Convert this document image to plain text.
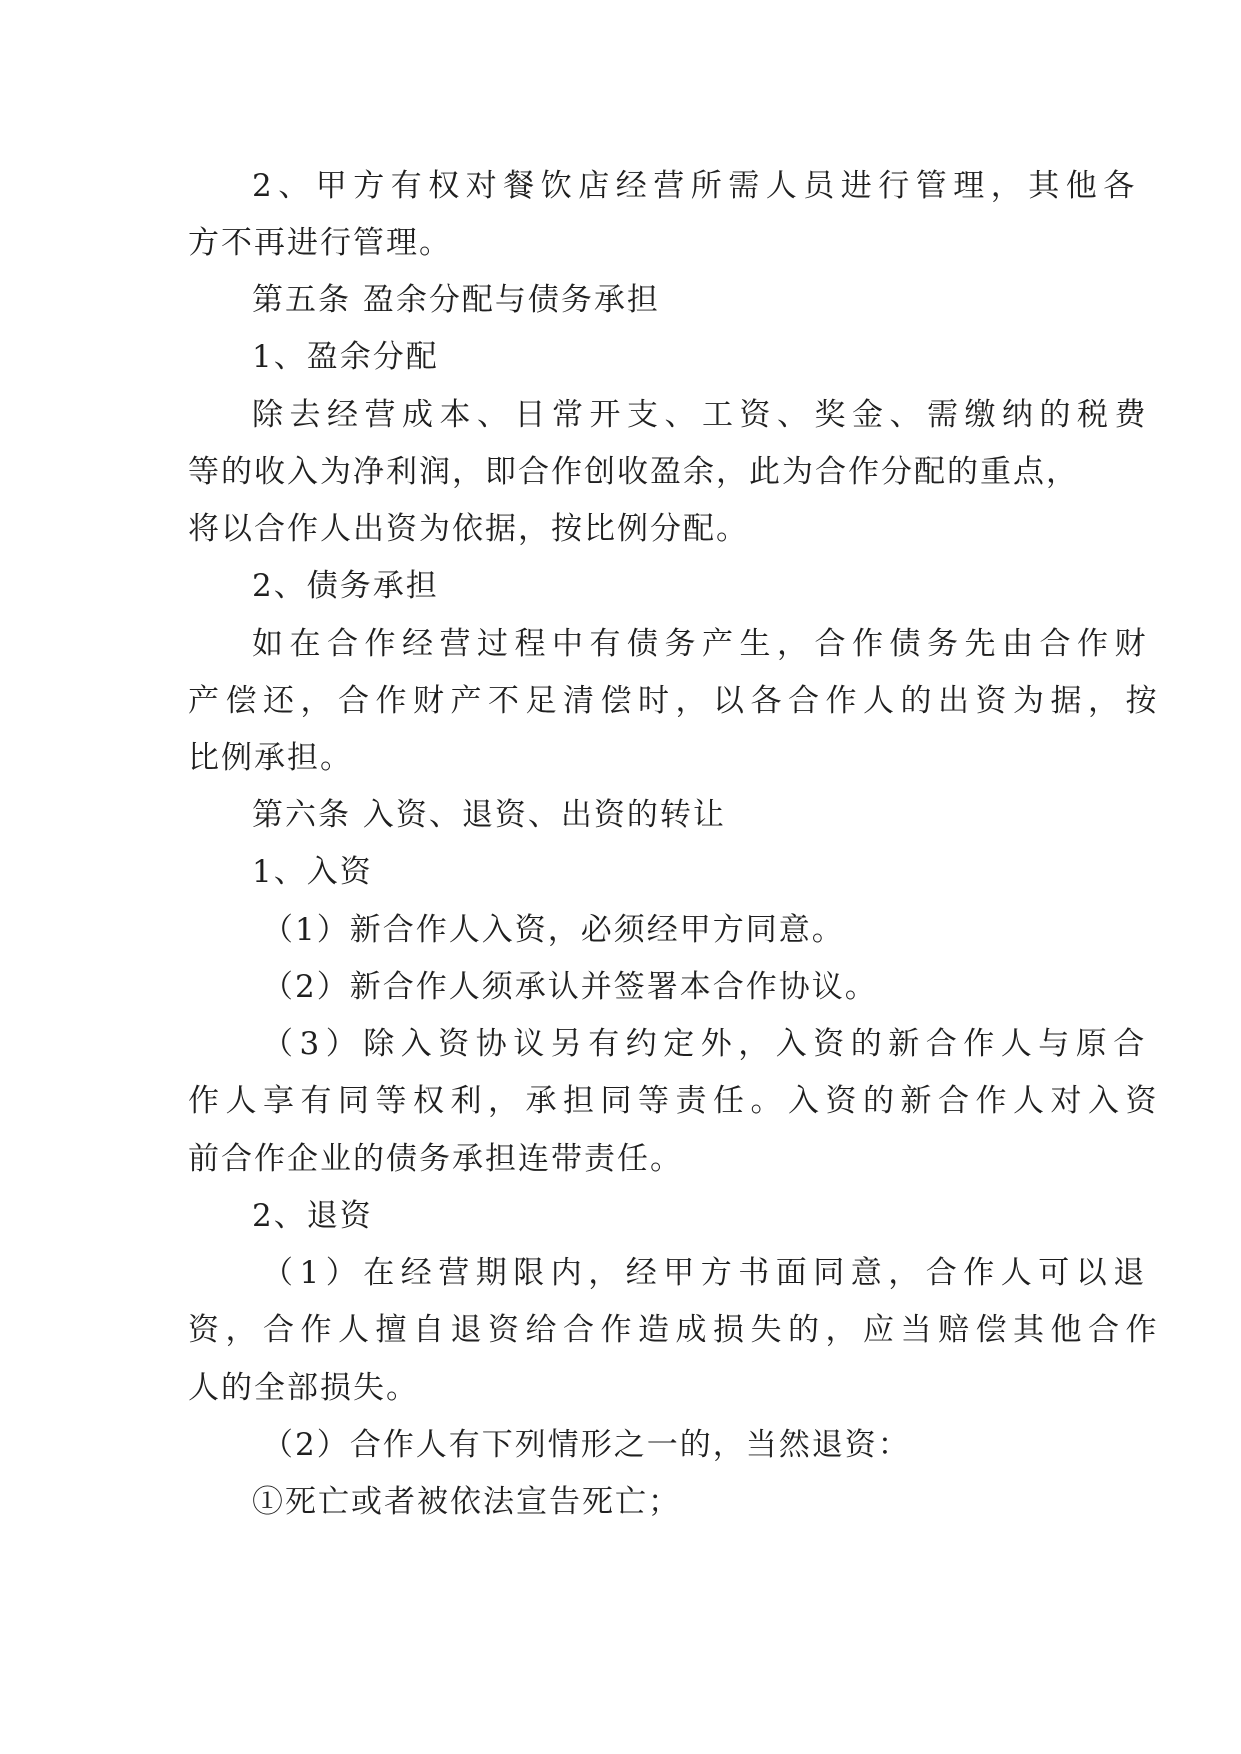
2、甲方有权对餐饮店经营所需人员进行管理，其他各
方不再进行管理。
第五条 盈余分配与债务承担
1、盈余分配
除去经营成本、日常开支、工资、奖金、需缴纳的税费
等的收入为净利润，即合作创收盈余，此为合作分配的重点，
将以合作人出资为依据，按比例分配。
2、债务承担
如在合作经营过程中有债务产生，合作债务先由合作财
产偿还，合作财产不足清偿时，以各合作人的出资为据，按
比例承担。
第六条 入资、退资、出资的转让
1、入资
（1）新合作人入资，必须经甲方同意。
（2）新合作人须承认并签署本合作协议。
（3）除入资协议另有约定外，入资的新合作人与原合
作人享有同等权利，承担同等责任。入资的新合作人对入资
前合作企业的债务承担连带责任。
2、退资
（1）在经营期限内，经甲方书面同意，合作人可以退
资，合作人擅自退资给合作造成损失的，应当赔偿其他合作
人的全部损失。
（2）合作人有下列情形之一的，当然退资：
①死亡或者被依法宣告死亡；
